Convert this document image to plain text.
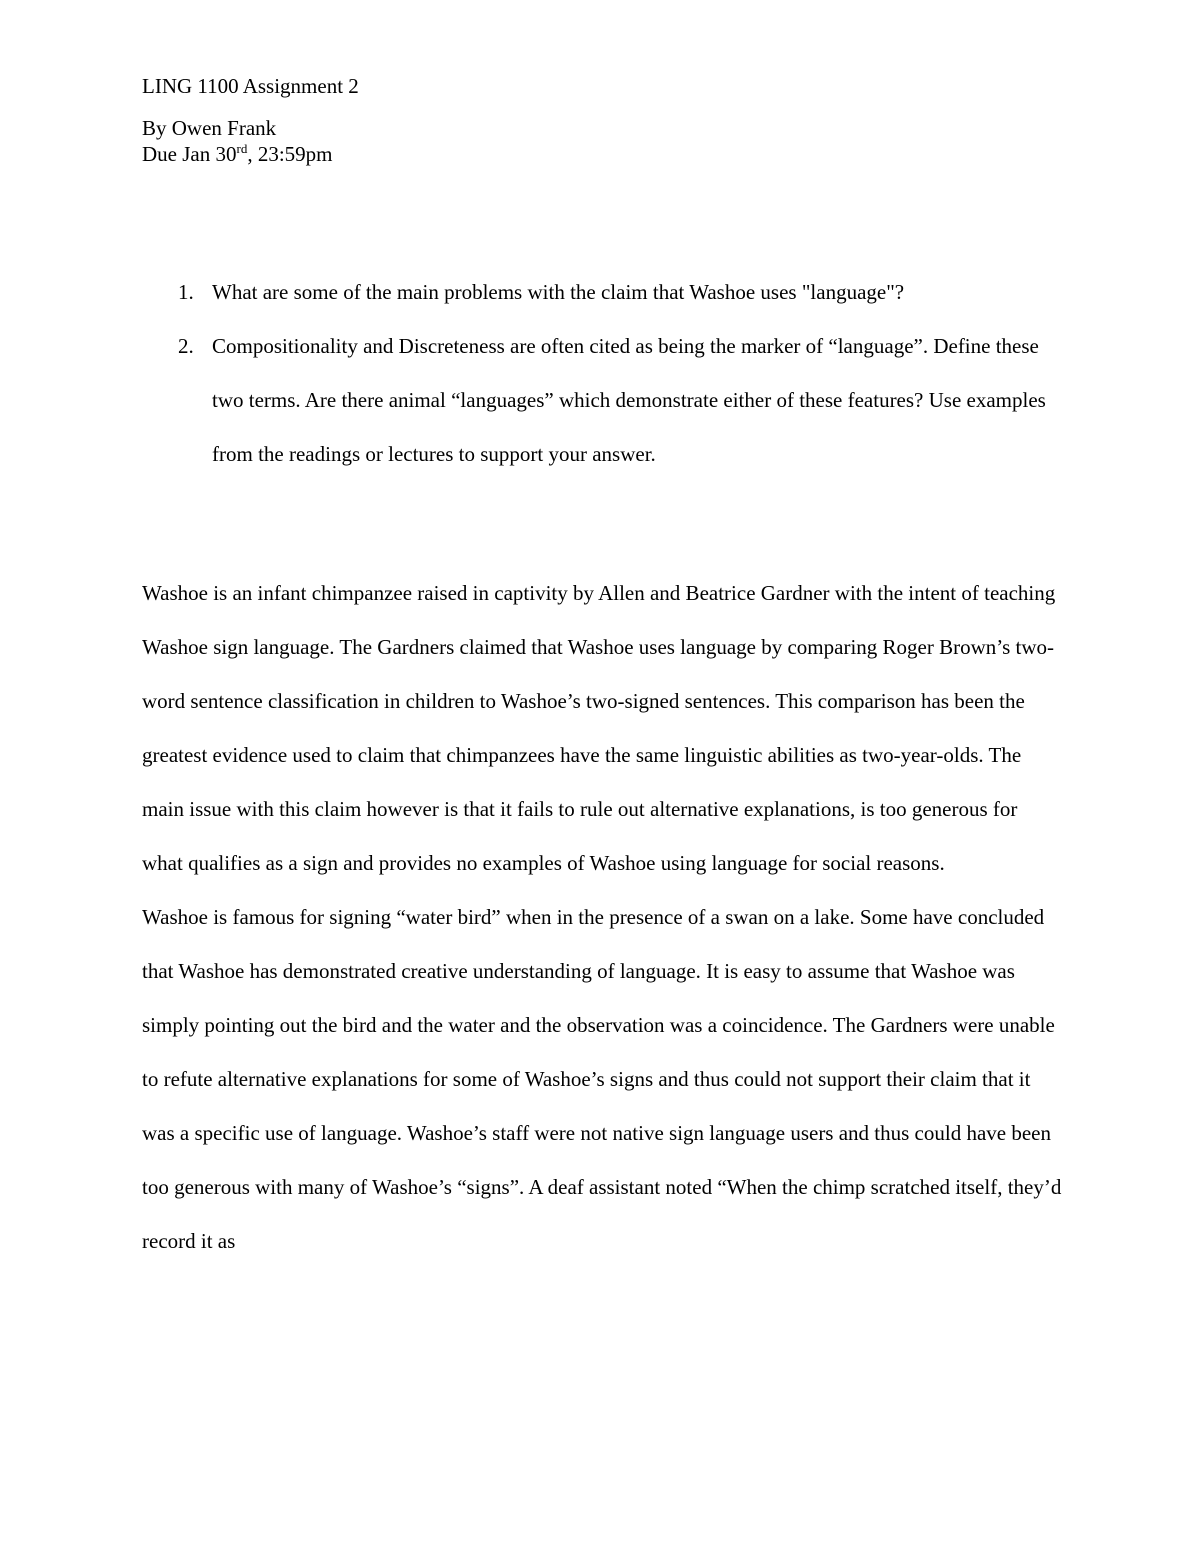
LING 1100 Assignment 2
By Owen Frank
Due Jan 30rd, 23:59pm
1. What are some of the main problems with the claim that Washoe uses "language"?
2. Compositionality and Discreteness are often cited as being the marker of “language”. Define these two terms. Are there animal “languages” which demonstrate either of these features? Use examples from the readings or lectures to support your answer.

Washoe is an infant chimpanzee raised in captivity by Allen and Beatrice Gardner with the intent of teaching Washoe sign language. The Gardners claimed that Washoe uses language by comparing Roger Brown’s two-word sentence classification in children to Washoe’s two-signed sentences. This comparison has been the greatest evidence used to claim that chimpanzees have the same linguistic abilities as two-year-olds. The main issue with this claim however is that it fails to rule out alternative explanations, is too generous for what qualifies as a sign and provides no examples of Washoe using language for social reasons.

Washoe is famous for signing “water bird” when in the presence of a swan on a lake. Some have concluded that Washoe has demonstrated creative understanding of language. It is easy to assume that Washoe was simply pointing out the bird and the water and the observation was a coincidence. The Gardners were unable to refute alternative explanations for some of Washoe’s signs and thus could not support their claim that it was a specific use of language. Washoe’s staff were not native sign language users and thus could have been too generous with many of Washoe’s “signs”. A deaf assistant noted “When the chimp scratched itself, they’d record it as
